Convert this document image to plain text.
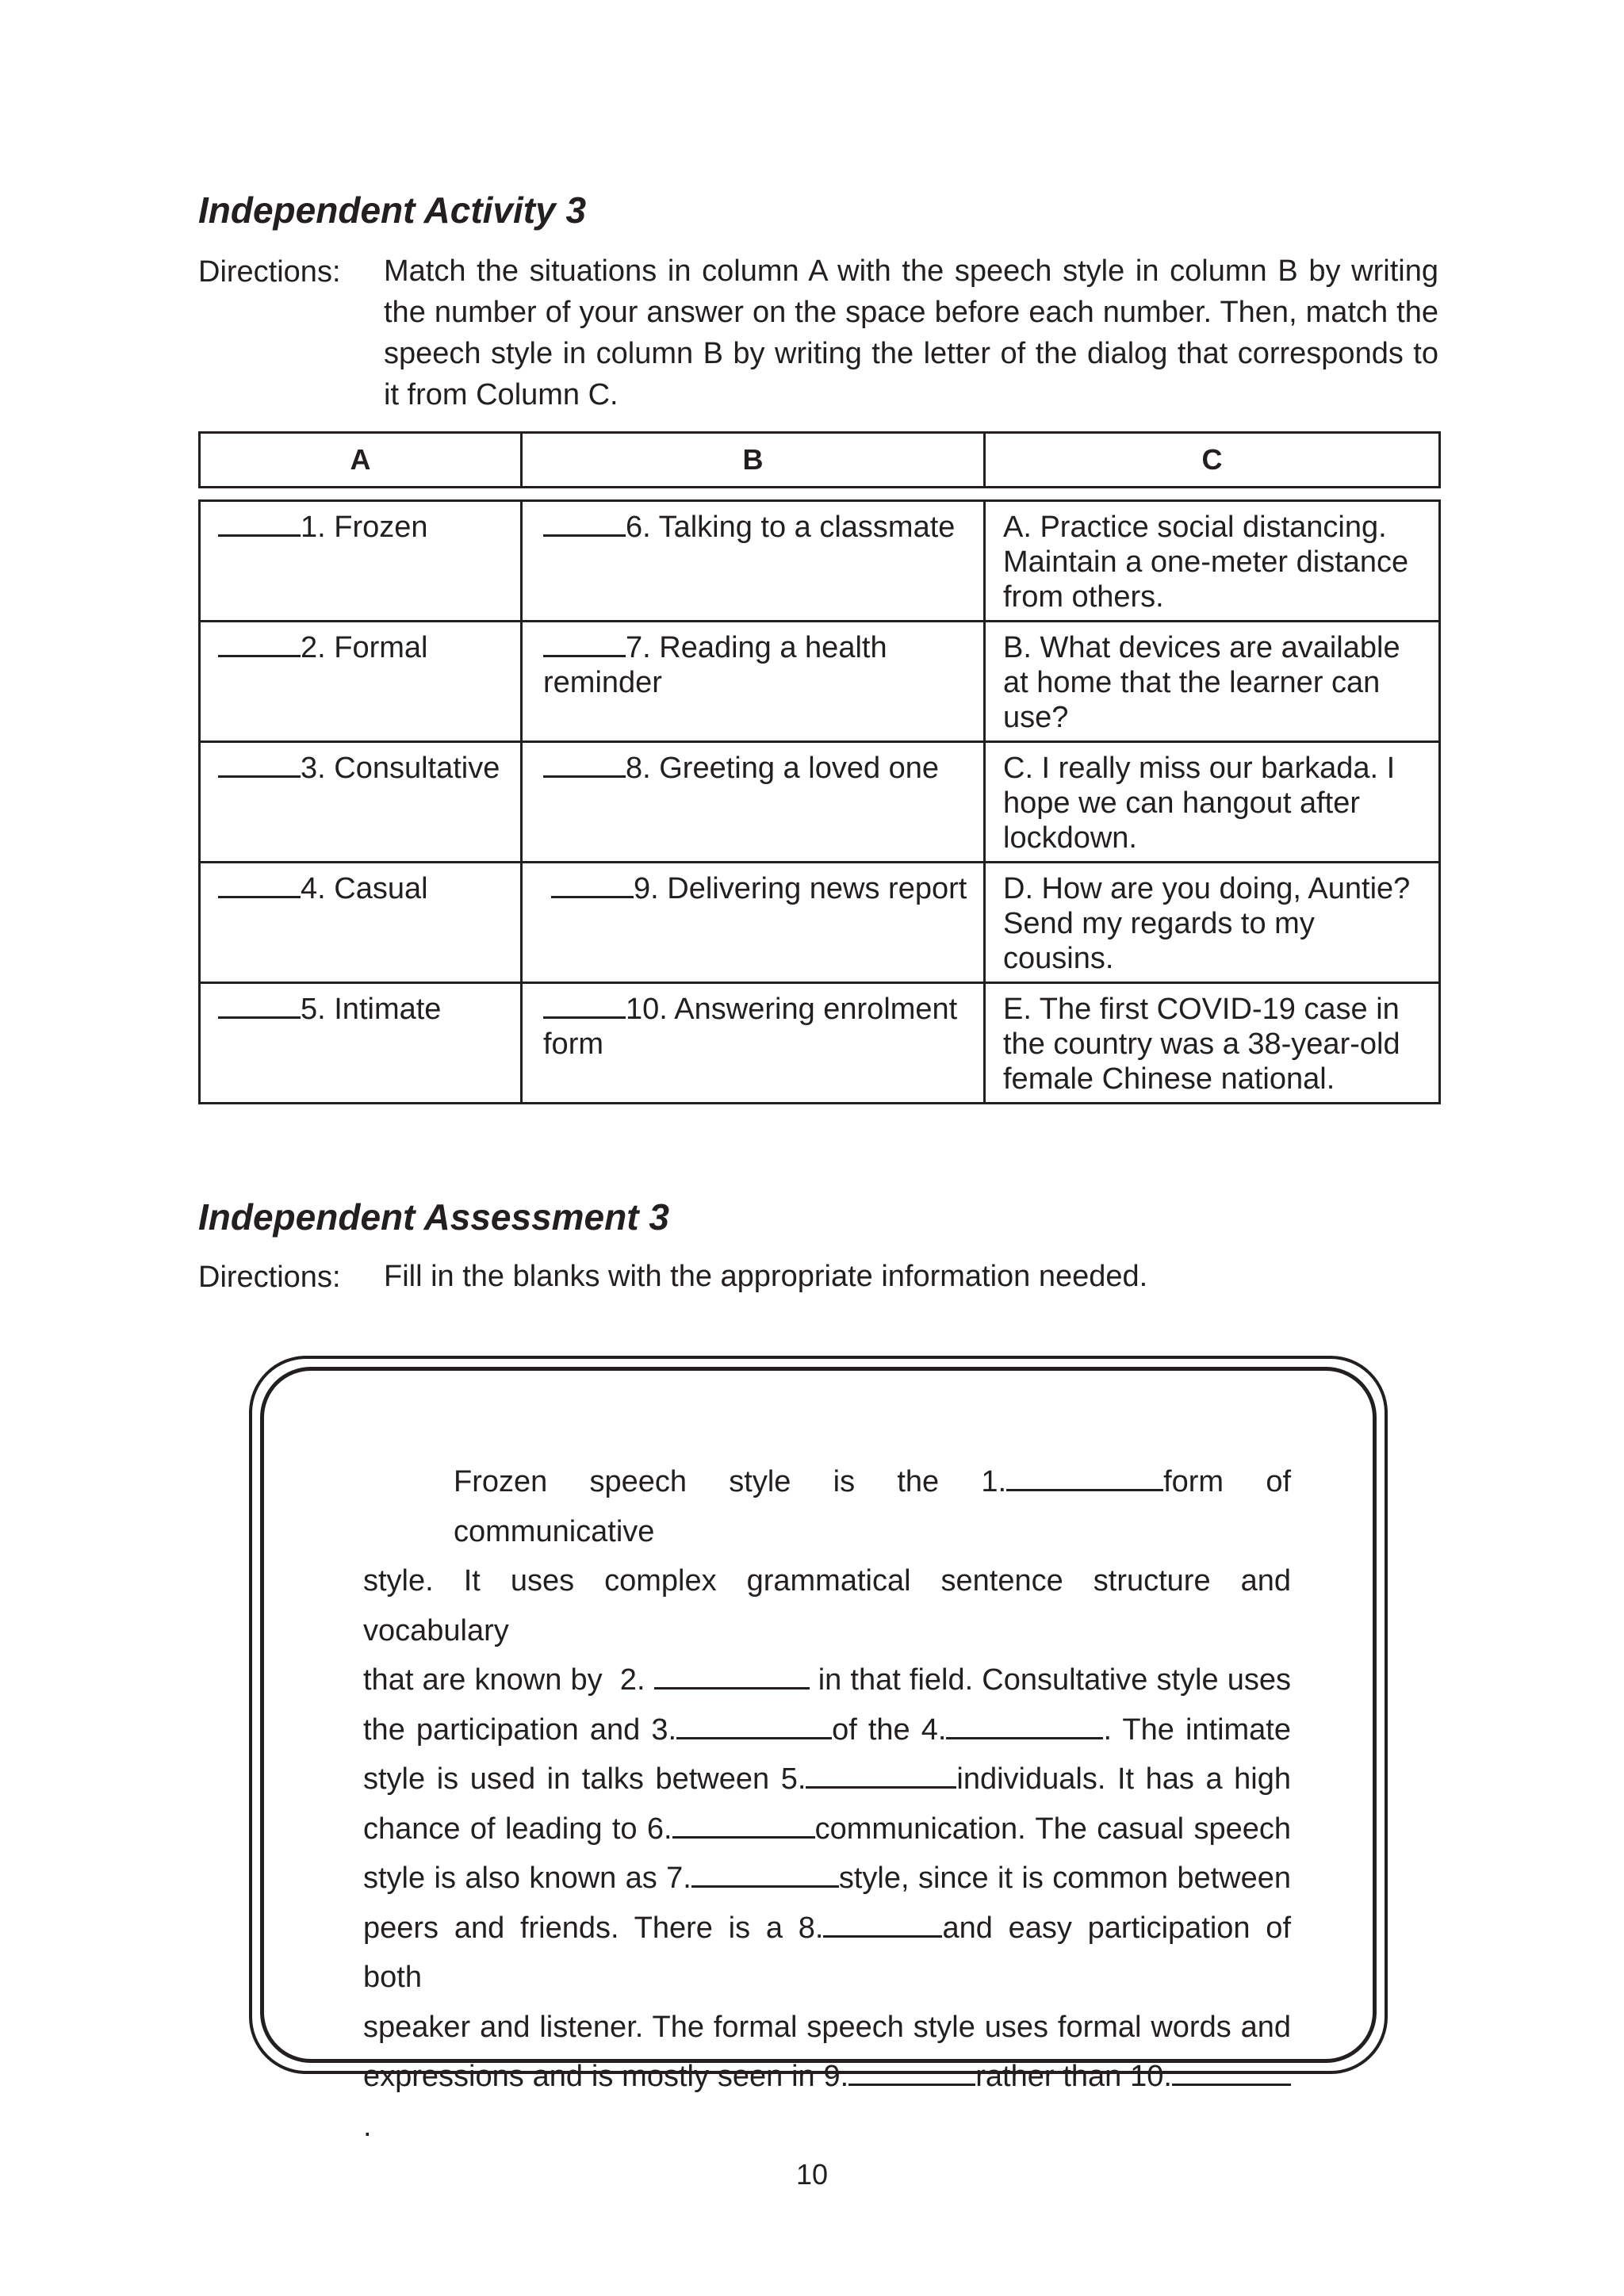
Independent Activity 3
Directions: Match the situations in column A with the speech style in column B by writing the number of your answer on the space before each number. Then, match the speech style in column B by writing the letter of the dialog that corresponds to it from Column C.
A	B	C
1. Frozen	6. Talking to a classmate	A. Practice social distancing. Maintain a one-meter distance from others.
2. Formal	7. Reading a health reminder	B. What devices are available at home that the learner can use?
3. Consultative	8. Greeting a loved one	C. I really miss our barkada. I hope we can hangout after lockdown.
4. Casual	9. Delivering news report	D. How are you doing, Auntie? Send my regards to my cousins.
5. Intimate	10. Answering enrolment form	E. The first COVID-19 case in the country was a 38-year-old female Chinese national.
Independent Assessment 3
Directions: Fill in the blanks with the appropriate information needed.
Frozen speech style is the 1.	form of communicative
style. It uses complex grammatical sentence structure and vocabulary
that are known by  2.	in that field. Consultative style uses
the participation and 3.	of the 4.	. The intimate
style is used in talks between 5.	individuals. It has a high
chance of leading to 6.	communication. The casual speech
style is also known as 7.	style, since it is common between
peers and friends. There is a 8.	and easy participation of both
speaker and listener. The formal speech style uses formal words and
expressions and is mostly seen in 9.	rather than 10..
10
